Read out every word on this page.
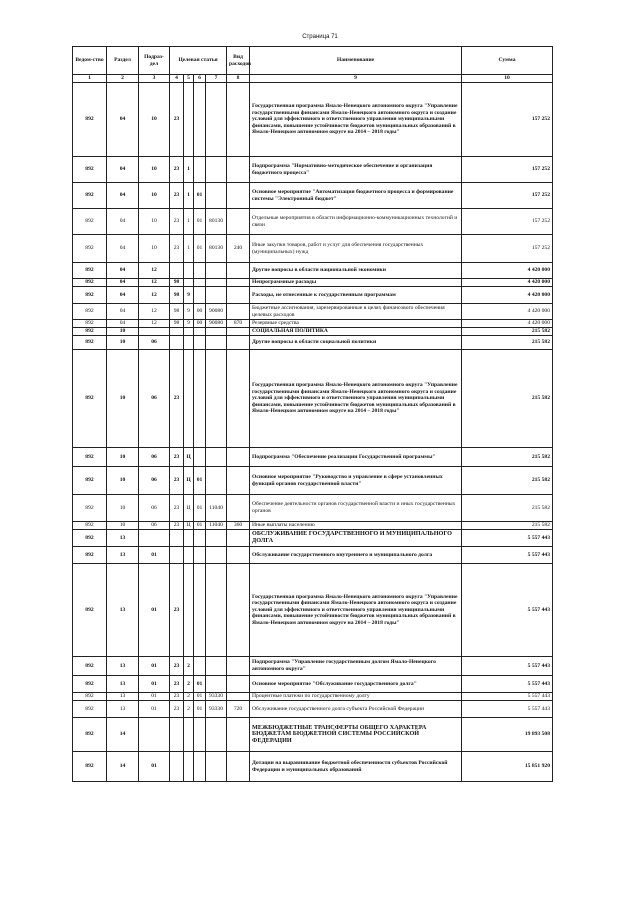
Страница 71
Ведом-ство	Раздел	Подраз-дел	Целевая статья				Вид расходов	Наименование	Сумма
1	2	3	4	5	6	7	8	9	10
892	04	10	23					Государственная программа Ямало-Ненецкого автономного округа "Управление государственными финансами Ямало-Ненецкого автономного округа и создание условий для эффективного и ответственного управления муниципальными финансами, повышение устойчивости бюджетов муниципальных образований в Ямало-Ненецком автономном округе на 2014 – 2018 годы"	157 252
892	04	10	23	1				Подпрограмма "Нормативно-методическое обеспечение и организация бюджетного процесса"	157 252
892	04	10	23	1	01			Основное мероприятие "Автоматизация бюджетного процесса и формирование системы "Электронный бюджет"	157 252
892	04	10	23	1	01	80130		Отдельные мероприятия в области информационно-коммуникационных технологий и связи	157 252
892	04	10	23	1	01	80130	240	Иные закупки товаров, работ и услуг для обеспечения государственных (муниципальных) нужд	157 252
892	04	12						Другие вопросы в области национальной экономики	4 420 000
892	04	12	98					Непрограммные расходы	4 420 000
892	04	12	98	9				Расходы, не отнесенные к государственным программам	4 420 000
892	04	12	98	9	00	90080		Бюджетные ассигнования, зарезервированные в целях финансового обеспечения целевых расходов	4 420 000
892	04	12	98	9	00	90080	870	Резервные средства	4 420 000
892	10							СОЦИАЛЬНАЯ ПОЛИТИКА	215 582
892	10	06						Другие вопросы в области социальной политики	215 582
892	10	06	23					Государственная программа Ямало-Ненецкого автономного округа "Управление государственными финансами Ямало-Ненецкого автономного округа и создание условий для эффективного и ответственного управления муниципальными финансами, повышение устойчивости бюджетов муниципальных образований в Ямало-Ненецком автономном округе на 2014 – 2018 годы"	215 582
892	10	06	23	Ц				Подпрограмма "Обеспечение реализации Государственной программы"	215 582
892	10	06	23	Ц	01			Основное мероприятие "Руководство и управление в сфере установленных функций органов государственной власти"	215 582
892	10	06	23	Ц	01	11040		Обеспечение деятельности органов государственной власти и иных государственных органов	215 582
892	10	06	23	Ц	01	11040	360	Иные выплаты населению	215 582
892	13							ОБСЛУЖИВАНИЕ ГОСУДАРСТВЕННОГО И МУНИЦИПАЛЬНОГО ДОЛГА	5 557 443
892	13	01						Обслуживание государственного внутреннего и муниципального долга	5 557 443
892	13	01	23					Государственная программа Ямало-Ненецкого автономного округа "Управление государственными финансами Ямало-Ненецкого автономного округа и создание условий для эффективного и ответственного управления муниципальными финансами, повышение устойчивости бюджетов муниципальных образований в Ямало-Ненецком автономном округе на 2014 – 2018 годы"	5 557 443
892	13	01	23	2				Подпрограмма "Управление государственным долгом Ямало-Ненецкого автономного округа"	5 557 443
892	13	01	23	2	01			Основное мероприятие "Обслуживание государственного долга"	5 557 443
892	13	01	23	2	01	93330		Процентные платежи по государственному долгу	5 557 443
892	13	01	23	2	01	93330	720	Обслуживание государственного долга субъекта Российской Федерации	5 557 443
892	14							МЕЖБЮДЖЕТНЫЕ ТРАНСФЕРТЫ ОБЩЕГО ХАРАКТЕРА БЮДЖЕТАМ БЮДЖЕТНОЙ СИСТЕМЫ РОССИЙСКОЙ ФЕДЕРАЦИИ	19 893 508
892	14	01						Дотации на выравнивание бюджетной обеспеченности субъектов Российской Федерации и муниципальных образований	15 851 920
